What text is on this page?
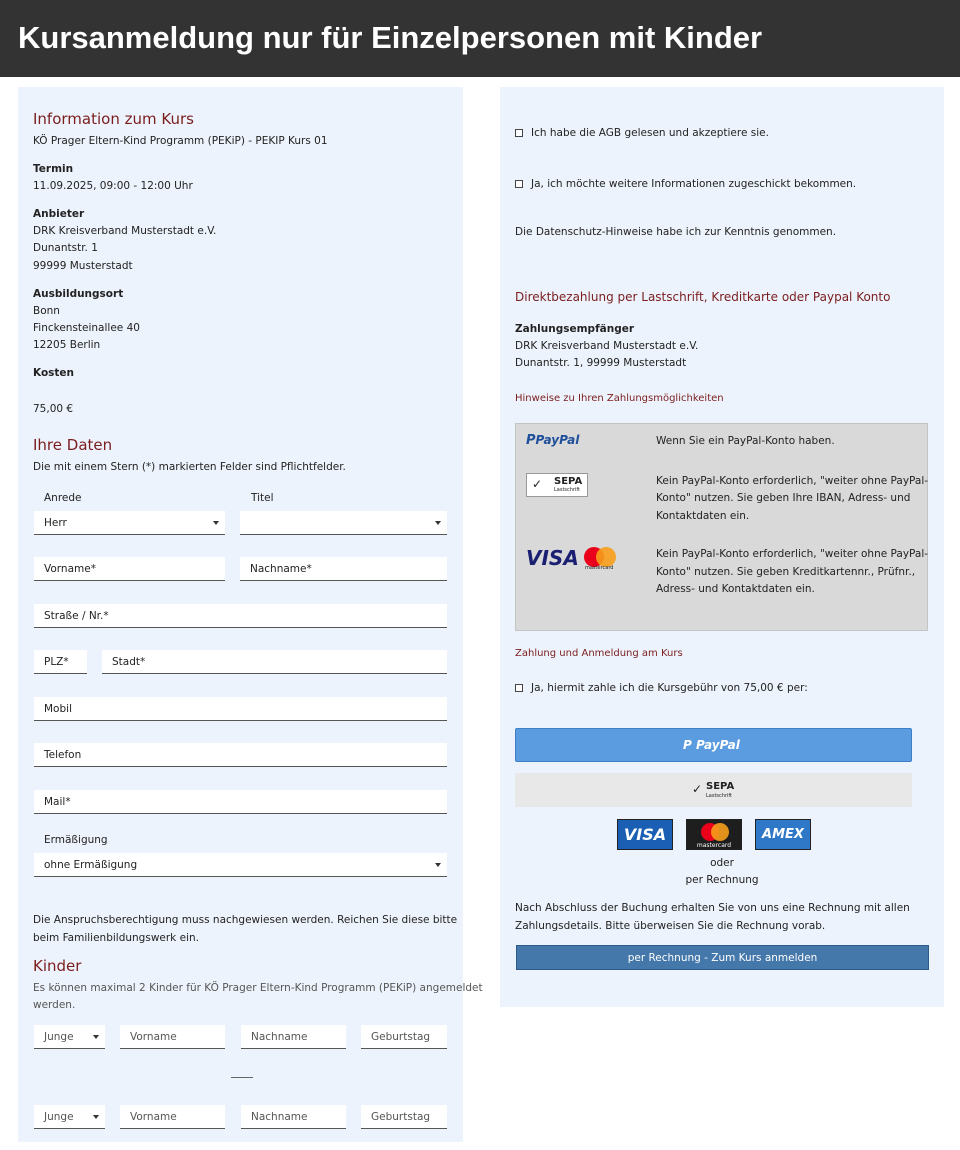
Kursanmeldung nur für Einzelpersonen mit Kinder
Information zum Kurs
KÖ Prager Eltern-Kind Programm (PEKiP) - PEKIP Kurs 01
Termin
11.09.2025, 09:00 - 12:00 Uhr
Anbieter
DRK Kreisverband Musterstadt e.V.
Dunantstr. 1
99999 Musterstadt
Ausbildungsort
Bonn
Finckensteinallee 40
12205 Berlin
Kosten
75,00 €
Ihre Daten
Die mit einem Stern (*) markierten Felder sind Pflichtfelder.
Anrede	Titel
Herr
Vorname*	Nachname*
Straße / Nr.*
PLZ*	Stadt*
Mobil
Telefon
Mail*
Ermäßigung
ohne Ermäßigung
Die Anspruchsberechtigung muss nachgewiesen werden. Reichen Sie diese bitte
beim Familienbildungswerk ein.
Kinder
Es können maximal 2 Kinder für KÖ Prager Eltern-Kind Programm (PEKiP) angemeldet
werden.
Junge	Vorname	Nachname	Geburtstag
Junge	Vorname	Nachname	Geburtstag
Ich habe die AGB gelesen und akzeptiere sie.
Ja, ich möchte weitere Informationen zugeschickt bekommen.
Die Datenschutz-Hinweise habe ich zur Kenntnis genommen.
Direktbezahlung per Lastschrift, Kreditkarte oder Paypal Konto
Zahlungsempfänger
DRK Kreisverband Musterstadt e.V.
Dunantstr. 1, 99999 Musterstadt
Hinweise zu Ihren Zahlungsmöglichkeiten
PPayPal	Wenn Sie ein PayPal-Konto haben.
✓ SEPA
Lastschrift
Kein PayPal-Konto erforderlich, "weiter ohne PayPal-
Konto" nutzen. Sie geben Ihre IBAN, Adress- und
Kontaktdaten ein.
VISA mastercard
Kein PayPal-Konto erforderlich, "weiter ohne PayPal-
Konto" nutzen. Sie geben Kreditkartennr., Prüfnr.,
Adress- und Kontaktdaten ein.
Zahlung und Anmeldung am Kurs
Ja, hiermit zahle ich die Kursgebühr von 75,00 € per:
P PayPal
✓ SEPA
Lastschrift
VISA
mastercard
AMEX
oder
per Rechnung
Nach Abschluss der Buchung erhalten Sie von uns eine Rechnung mit allen
Zahlungsdetails. Bitte überweisen Sie die Rechnung vorab.
per Rechnung - Zum Kurs anmelden
